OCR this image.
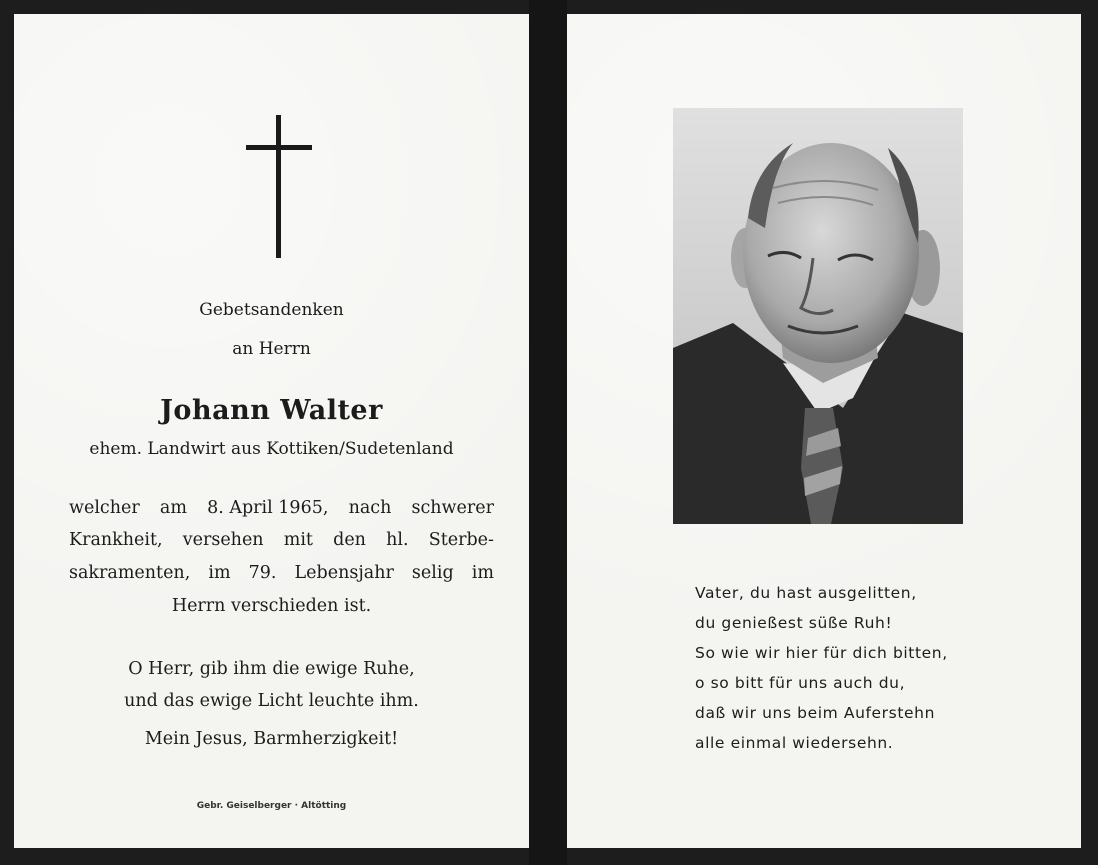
Gebetsandenken
an Herrn
Johann Walter
ehem. Landwirt aus Kottiken/Sudetenland
welcher am 8. April 1965, nach schwerer
Krankheit, versehen mit den hl. Sterbe-
sakramenten, im 79. Lebensjahr selig im
Herrn verschieden ist.
O Herr, gib ihm die ewige Ruhe,
und das ewige Licht leuchte ihm.
Mein Jesus, Barmherzigkeit!
Gebr. Geiselberger · Altötting
Vater, du hast ausgelitten,
du genießest süße Ruh!
So wie wir hier für dich bitten,
o so bitt für uns auch du,
daß wir uns beim Auferstehn
alle einmal wiedersehn.
